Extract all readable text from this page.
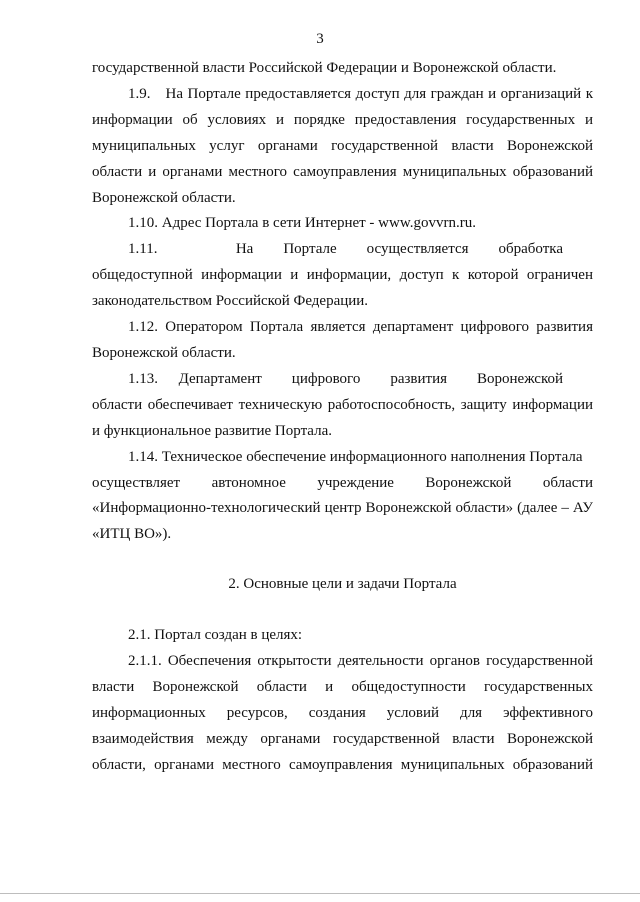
3

государственной власти Российской Федерации и Воронежской области.

1.9. На Портале предоставляется доступ для граждан и организаций к информации об условиях и порядке предоставления государственных и муниципальных услуг органами государственной власти Воронежской области и органами местного самоуправления муниципальных образований Воронежской области.

1.10. Адрес Портала в сети Интернет - www.govvrn.ru.

1.11. На  Портале  осуществляется  обработка  общедоступной информации и информации, доступ к которой ограничен законодательством Российской Федерации.

1.12. Оператором Портала является департамент цифрового развития Воронежской области.

1.13. Департамент  цифрового  развития  Воронежской  области обеспечивает техническую работоспособность, защиту информации и функциональное развитие Портала.

1.14. Техническое обеспечение информационного наполнения Портала

осуществляет автономное учреждение Воронежской области

«Информационно-технологический центр Воронежской области» (далее – АУ «ИТЦ ВО»).

2. Основные цели и задачи Портала

2.1. Портал создан в целях:

2.1.1. Обеспечения открытости деятельности органов государственной

власти Воронежской области и общедоступности государственных

информационных ресурсов, создания условий для эффективного

взаимодействия между органами государственной власти Воронежской

области, органами местного самоуправления муниципальных образований
